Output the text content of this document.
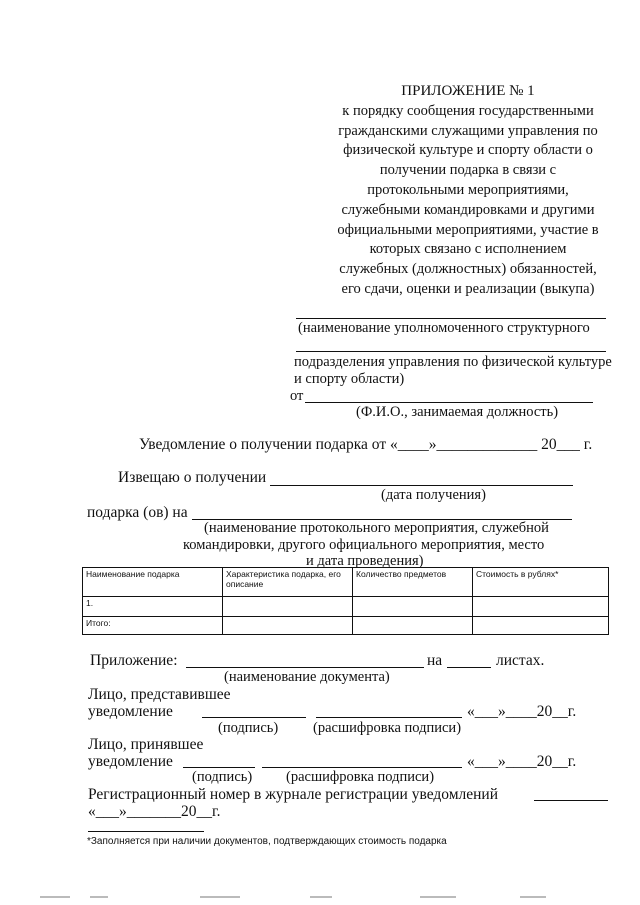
ПРИЛОЖЕНИЕ № 1
к порядку сообщения государственными
гражданскими служащими управления по
физической культуре и спорту области о
получении подарка в связи с
протокольными мероприятиями,
служебными командировками и другими
официальными мероприятиями, участие в
которых связано с исполнением
служебных (должностных) обязанностей,
его сдачи, оценки и реализации (выкупа)
(наименование уполномоченного структурного
подразделения управления по физической культуре
и спорту области)
от
(Ф.И.О., занимаемая должность)
Уведомление о получении подарка от «____»_____________ 20___ г.
Извещаю о получении
(дата получения)
подарка (ов) на
(наименование протокольного мероприятия, служебной
командировки, другого официального мероприятия, место
и дата проведения)
Наименование подарка	Характеристика подарка, его описание	Количество предметов	Стоимость в рублях*
1.			
Итого:			
Приложение:	на	листах.
(наименование документа)
Лицо, представившее
уведомление	«___»____20__г.
(подпись) (расшифровка подписи)
Лицо, принявшее
уведомление	«___»____20__г.
(подпись) (расшифровка подписи)
Регистрационный номер в журнале регистрации уведомлений
«___»_______20__г.
*Заполняется при наличии документов, подтверждающих стоимость подарка
